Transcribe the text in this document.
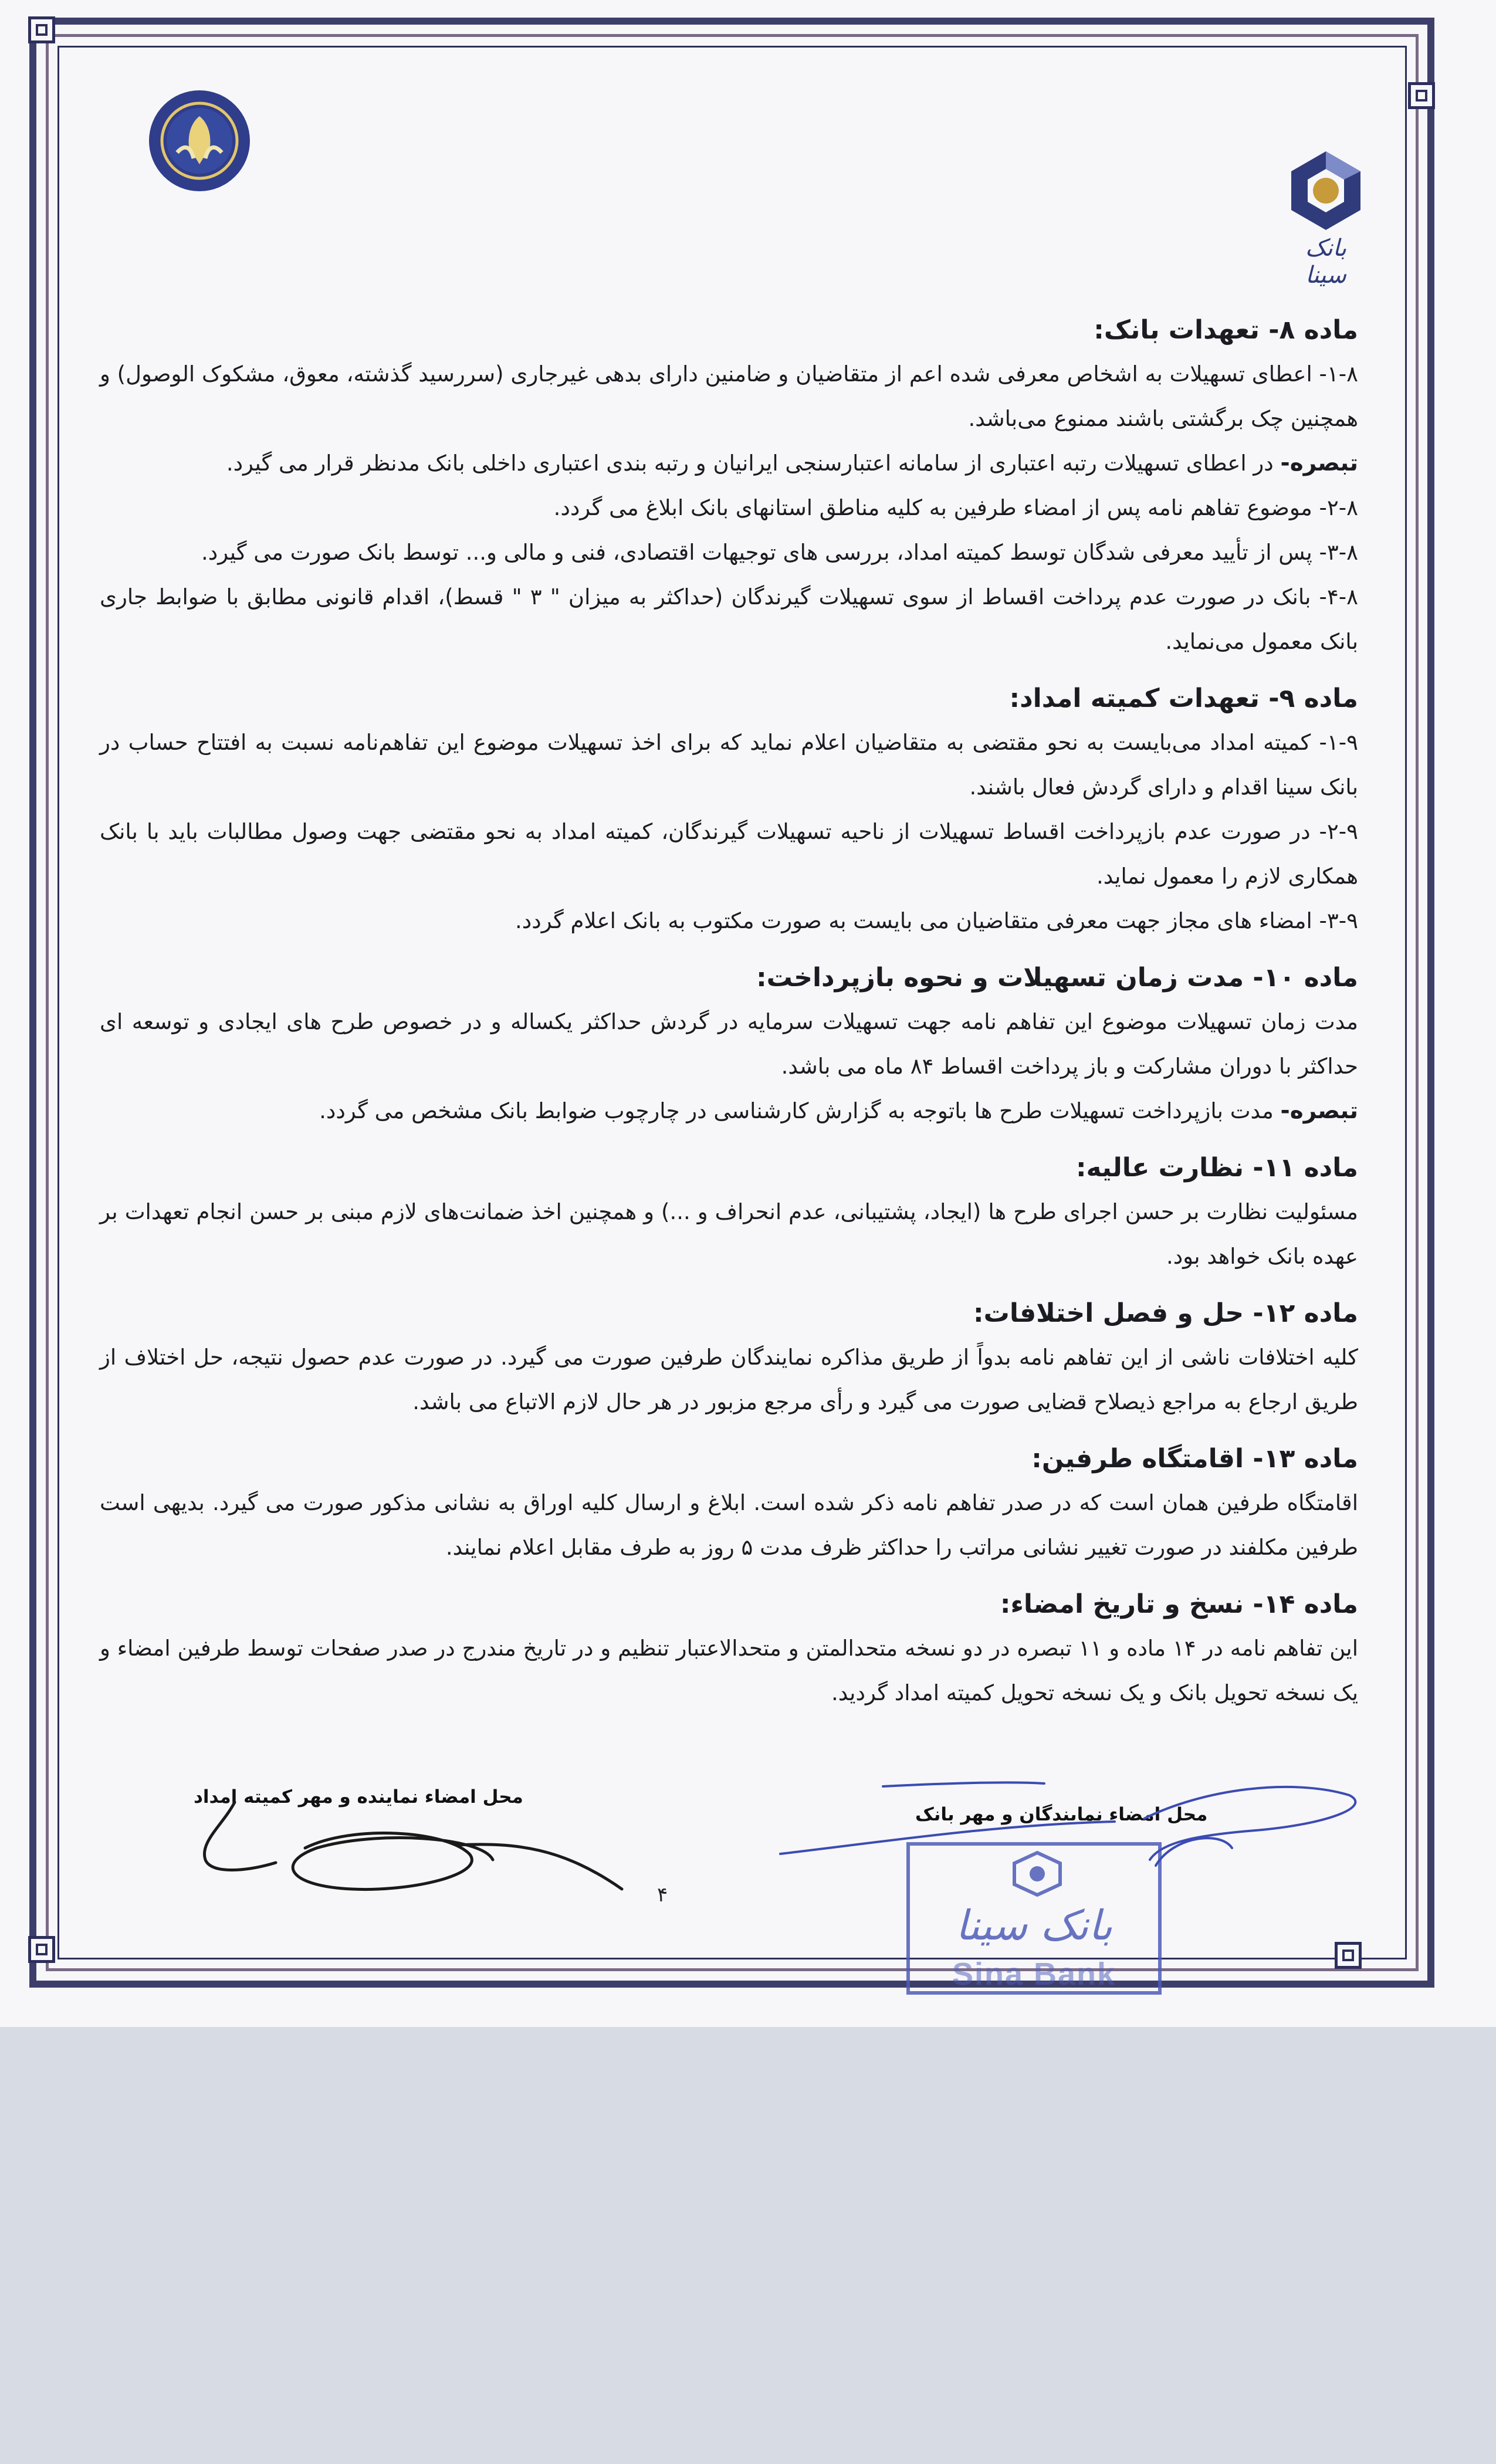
بانک سینا
ماده ۸- تعهدات بانک:
۱-۸- اعطای تسهیلات به اشخاص معرفی شده اعم از متقاضیان و ضامنین دارای بدهی غیرجاری (سررسید گذشته، معوق، مشکوک الوصول) و همچنین چک برگشتی باشند ممنوع می‌باشد.
تبصره- در اعطای تسهیلات رتبه اعتباری از سامانه اعتبارسنجی ایرانیان و رتبه بندی اعتباری داخلی بانک مدنظر قرار می گیرد.
۲-۸- موضوع تفاهم نامه پس از امضاء طرفین به کلیه مناطق استانهای بانک ابلاغ می گردد.
۳-۸- پس از تأیید معرفی شدگان توسط کمیته امداد، بررسی های توجیهات اقتصادی، فنی و مالی و... توسط بانک صورت می گیرد.
۴-۸- بانک در صورت عدم پرداخت اقساط از سوی تسهیلات گیرندگان (حداکثر به میزان " ۳ " قسط)، اقدام قانونی مطابق با ضوابط جاری بانک معمول می‌نماید.
ماده ۹- تعهدات کمیته امداد:
۱-۹- کمیته امداد می‌بایست به نحو مقتضی به متقاضیان اعلام نماید که برای اخذ تسهیلات موضوع این تفاهم‌نامه نسبت به افتتاح حساب در بانک سینا اقدام و دارای گردش فعال باشند.
۲-۹- در صورت عدم بازپرداخت اقساط تسهیلات از ناحیه تسهیلات گیرندگان، کمیته امداد به نحو مقتضی جهت وصول مطالبات باید با بانک همکاری لازم را معمول نماید.
۳-۹- امضاء های مجاز جهت معرفی متقاضیان می بایست به صورت مکتوب به بانک اعلام گردد.
ماده ۱۰- مدت زمان تسهیلات و نحوه بازپرداخت:
مدت زمان تسهیلات موضوع این تفاهم نامه جهت تسهیلات سرمایه در گردش حداکثر یکساله و در خصوص طرح های ایجادی و توسعه ای حداکثر با دوران مشارکت و باز پرداخت اقساط ۸۴ ماه می باشد.
تبصره- مدت بازپرداخت تسهیلات طرح ها باتوجه به گزارش کارشناسی در چارچوب ضوابط بانک مشخص می گردد.
ماده ۱۱- نظارت عالیه:
مسئولیت نظارت بر حسن اجرای طرح ها (ایجاد، پشتیبانی، عدم انحراف و ...) و همچنین اخذ ضمانت‌های لازم مبنی بر حسن انجام تعهدات بر عهده بانک خواهد بود.
ماده ۱۲- حل و فصل اختلافات:
کلیه اختلافات ناشی از این تفاهم نامه بدواً از طریق مذاکره نمایندگان طرفین صورت می گیرد. در صورت عدم حصول نتیجه، حل اختلاف از طریق ارجاع به مراجع ذیصلاح قضایی صورت می گیرد و رأی مرجع مزبور در هر حال لازم الاتباع می باشد.
ماده ۱۳- اقامتگاه طرفین:
اقامتگاه طرفین همان است که در صدر تفاهم نامه ذکر شده است. ابلاغ و ارسال کلیه اوراق به نشانی مذکور صورت می گیرد. بدیهی است طرفین مکلفند در صورت تغییر نشانی مراتب را حداکثر ظرف مدت ۵ روز به طرف مقابل اعلام نمایند.
ماده ۱۴- نسخ و تاریخ امضاء:
این تفاهم نامه در ۱۴ ماده و ۱۱ تبصره در دو نسخه متحدالمتن و متحدالاعتبار تنظیم و در تاریخ مندرج در صدر صفحات توسط طرفین امضاء و یک نسخه تحویل بانک و یک نسخه تحویل کمیته امداد گردید.
محل امضاء نمایندگان و مهر بانک
محل امضاء نماینده و مهر کمیته امداد
۴
بانک سینا
Sina Bank
